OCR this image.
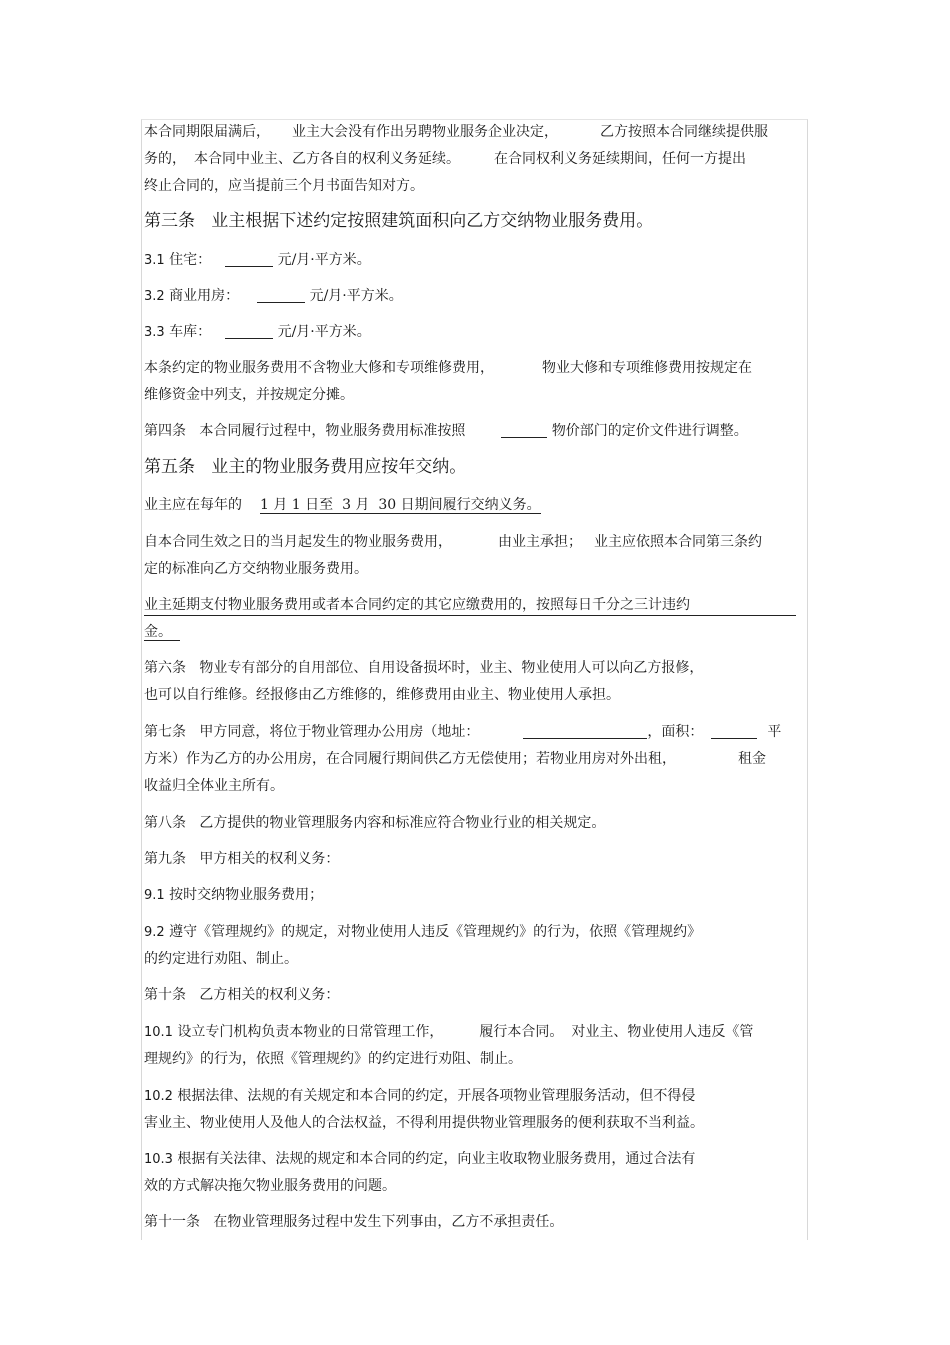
本合同期限届满后， 业主大会没有作出另聘物业服务企业决定，	乙方按照本合同继续提供服
务的， 本合同中业主、乙方各自的权利义务延续。 在合同权利义务延续期间，任何一方提出
终止合同的，应当提前三个月书面告知对方。
第三条   业主根据下述约定按照建筑面积向乙方交纳物业服务费用。
3.1 住宅：	元/月·平方米。
3.2 商业用房：	元/月·平方米。
3.3 车库：	元/月·平方米。
本条约定的物业服务费用不含物业大修和专项维修费用，	物业大修和专项维修费用按规定在
维修资金中列支，并按规定分摊。
第四条   本合同履行过程中，物业服务费用标准按照	物价部门的定价文件进行调整。
第五条   业主的物业服务费用应按年交纳。
业主应在每年的 1 月 1 日至  3 月  30 日期间履行交纳义务。
自本合同生效之日的当月起发生的物业服务费用，	由业主承担； 业主应依照本合同第三条约
定的标准向乙方交纳物业服务费用。
业主延期支付物业服务费用或者本合同约定的其它应缴费用的，按照每日千分之三计违约
金。
第六条   物业专有部分的自用部位、自用设备损坏时，业主、物业使用人可以向乙方报修，
也可以自行维修。经报修由乙方维修的，维修费用由业主、物业使用人承担。
第七条   甲方同意，将位于物业管理办公用房（地址：	，面积：	平
方米）作为乙方的办公用房，在合同履行期间供乙方无偿使用；若物业用房对外出租，	租金
收益归全体业主所有。
第八条   乙方提供的物业管理服务内容和标准应符合物业行业的相关规定。
第九条   甲方相关的权利义务：
9.1 按时交纳物业服务费用；
9.2 遵守《管理规约》的规定，对物业使用人违反《管理规约》的行为，依照《管理规约》
的约定进行劝阻、制止。
第十条   乙方相关的权利义务：
10.1 设立专门机构负责本物业的日常管理工作，	履行本合同。 对业主、物业使用人违反《管
理规约》的行为，依照《管理规约》的约定进行劝阻、制止。
10.2 根据法律、法规的有关规定和本合同的约定，开展各项物业管理服务活动，但不得侵
害业主、物业使用人及他人的合法权益，不得利用提供物业管理服务的便利获取不当利益。
10.3 根据有关法律、法规的规定和本合同的约定，向业主收取物业服务费用，通过合法有
效的方式解决拖欠物业服务费用的问题。
第十一条   在物业管理服务过程中发生下列事由，乙方不承担责任。
